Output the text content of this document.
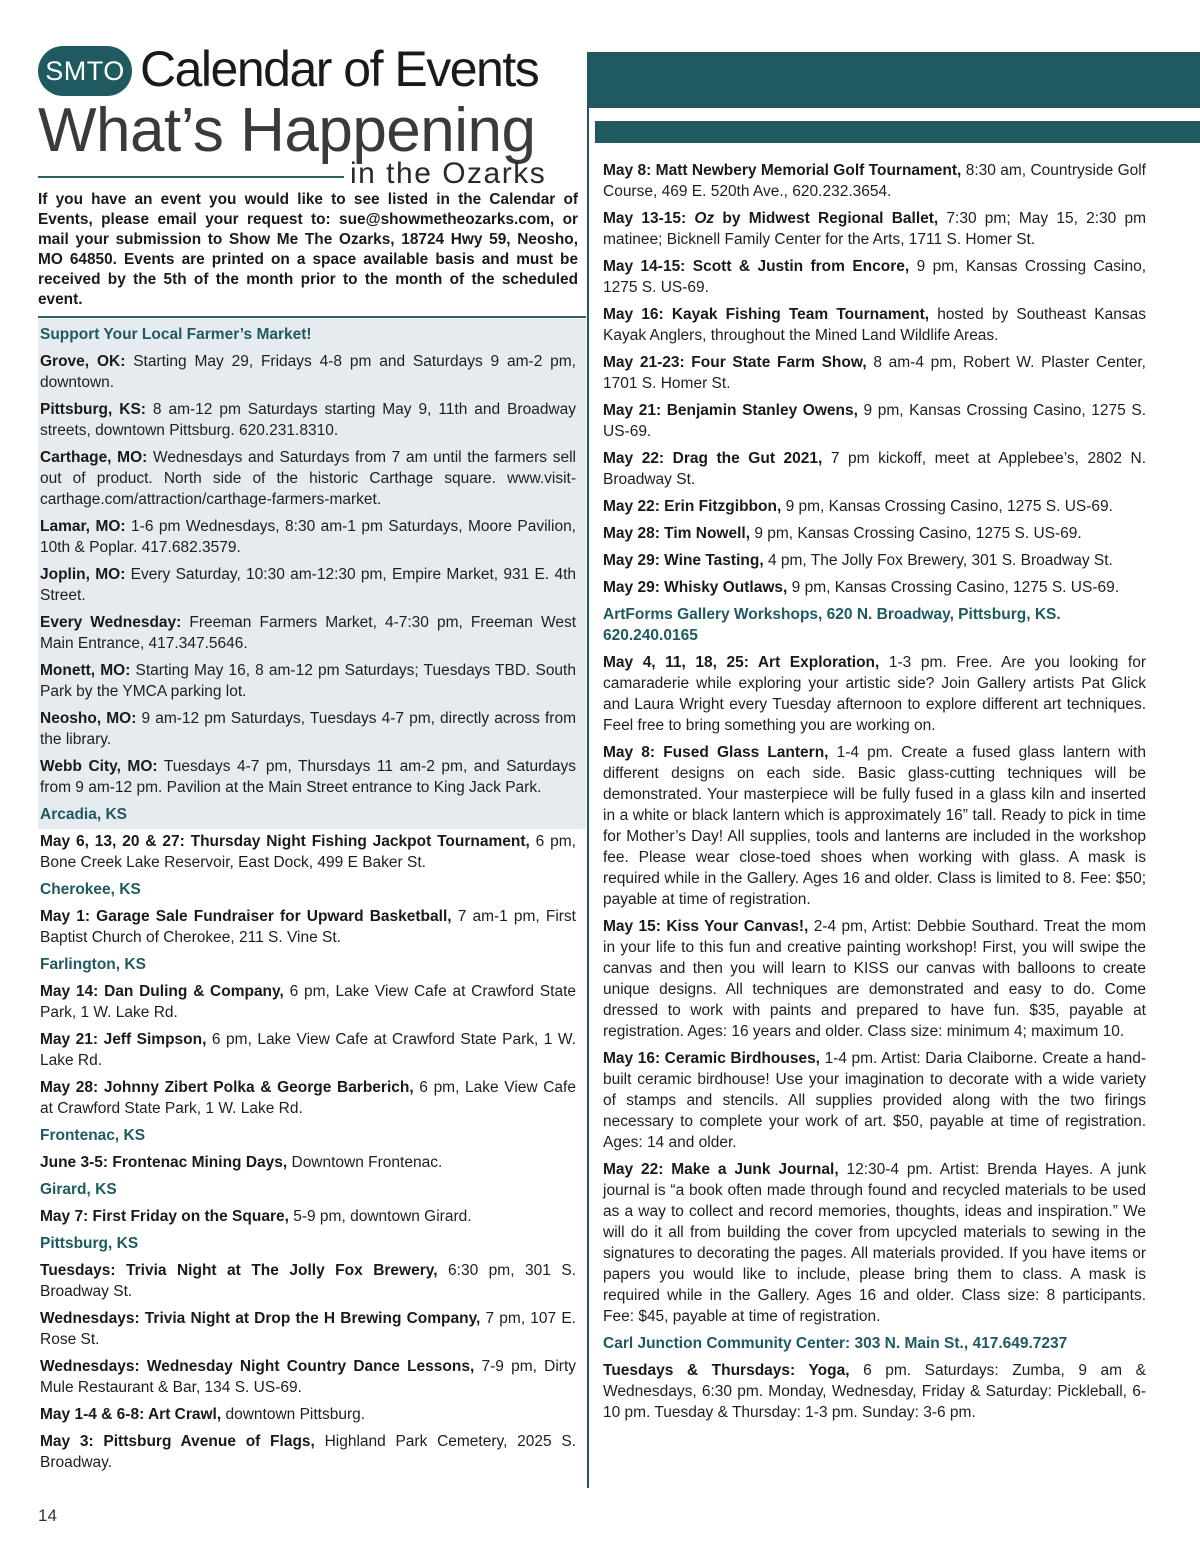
SMTO Calendar of Events
What’s Happening
in the Ozarks
If you have an event you would like to see listed in the Calendar of Events, please email your request to: sue@showmetheozarks.com, or mail your submission to Show Me The Ozarks, 18724 Hwy 59, Neosho, MO 64850. Events are printed on a space available basis and must be received by the 5th of the month prior to the month of the scheduled event.
Support Your Local Farmer’s Market!
Grove, OK: Starting May 29, Fridays 4-8 pm and Saturdays 9 am-2 pm, downtown.
Pittsburg, KS: 8 am-12 pm Saturdays starting May 9, 11th and Broadway streets, downtown Pittsburg. 620.231.8310.
Carthage, MO: Wednesdays and Saturdays from 7 am until the farmers sell out of product. North side of the historic Carthage square. www.visit-carthage.com/attraction/carthage-farmers-market.
Lamar, MO: 1-6 pm Wednesdays, 8:30 am-1 pm Saturdays, Moore Pavilion, 10th & Poplar. 417.682.3579.
Joplin, MO: Every Saturday, 10:30 am-12:30 pm, Empire Market, 931 E. 4th Street.
Every Wednesday: Freeman Farmers Market, 4-7:30 pm, Freeman West Main Entrance, 417.347.5646.
Monett, MO: Starting May 16, 8 am-12 pm Saturdays; Tuesdays TBD. South Park by the YMCA parking lot.
Neosho, MO: 9 am-12 pm Saturdays, Tuesdays 4-7 pm, directly across from the library.
Webb City, MO: Tuesdays 4-7 pm, Thursdays 11 am-2 pm, and Saturdays from 9 am-12 pm. Pavilion at the Main Street entrance to King Jack Park.
Arcadia, KS
May 6, 13, 20 & 27: Thursday Night Fishing Jackpot Tournament, 6 pm, Bone Creek Lake Reservoir, East Dock, 499 E Baker St.
Cherokee, KS
May 1: Garage Sale Fundraiser for Upward Basketball, 7 am-1 pm, First Baptist Church of Cherokee, 211 S. Vine St.
Farlington, KS
May 14: Dan Duling & Company, 6 pm, Lake View Cafe at Crawford State Park, 1 W. Lake Rd.
May 21: Jeff Simpson, 6 pm, Lake View Cafe at Crawford State Park, 1 W. Lake Rd.
May 28: Johnny Zibert Polka & George Barberich, 6 pm, Lake View Cafe at Crawford State Park, 1 W. Lake Rd.
Frontenac, KS
June 3-5: Frontenac Mining Days, Downtown Frontenac.
Girard, KS
May 7: First Friday on the Square, 5-9 pm, downtown Girard.
Pittsburg, KS
Tuesdays: Trivia Night at The Jolly Fox Brewery, 6:30 pm, 301 S. Broadway St.
Wednesdays: Trivia Night at Drop the H Brewing Company, 7 pm, 107 E. Rose St.
Wednesdays: Wednesday Night Country Dance Lessons, 7-9 pm, Dirty Mule Restaurant & Bar, 134 S. US-69.
May 1-4 & 6-8: Art Crawl, downtown Pittsburg.
May 3: Pittsburg Avenue of Flags, Highland Park Cemetery, 2025 S. Broadway.
May 8: Matt Newbery Memorial Golf Tournament, 8:30 am, Countryside Golf Course, 469 E. 520th Ave., 620.232.3654.
May 13-15: Oz by Midwest Regional Ballet, 7:30 pm; May 15, 2:30 pm matinee; Bicknell Family Center for the Arts, 1711 S. Homer St.
May 14-15: Scott & Justin from Encore, 9 pm, Kansas Crossing Casino, 1275 S. US-69.
May 16: Kayak Fishing Team Tournament, hosted by Southeast Kansas Kayak Anglers, throughout the Mined Land Wildlife Areas.
May 21-23: Four State Farm Show, 8 am-4 pm, Robert W. Plaster Center, 1701 S. Homer St.
May 21: Benjamin Stanley Owens, 9 pm, Kansas Crossing Casino, 1275 S. US-69.
May 22: Drag the Gut 2021, 7 pm kickoff, meet at Applebee’s, 2802 N. Broadway St.
May 22: Erin Fitzgibbon, 9 pm, Kansas Crossing Casino, 1275 S. US-69.
May 28: Tim Nowell, 9 pm, Kansas Crossing Casino, 1275 S. US-69.
May 29: Wine Tasting, 4 pm, The Jolly Fox Brewery, 301 S. Broadway St.
May 29: Whisky Outlaws, 9 pm, Kansas Crossing Casino, 1275 S. US-69.
ArtForms Gallery Workshops, 620 N. Broadway, Pittsburg, KS. 620.240.0165
May 4, 11, 18, 25: Art Exploration, 1-3 pm. Free. Are you looking for camaraderie while exploring your artistic side? Join Gallery artists Pat Glick and Laura Wright every Tuesday afternoon to explore different art techniques. Feel free to bring something you are working on.
May 8: Fused Glass Lantern, 1-4 pm. Create a fused glass lantern with different designs on each side. Basic glass-cutting techniques will be demonstrated. Your masterpiece will be fully fused in a glass kiln and inserted in a white or black lantern which is approximately 16” tall. Ready to pick in time for Mother’s Day! All supplies, tools and lanterns are included in the workshop fee. Please wear close-toed shoes when working with glass. A mask is required while in the Gallery. Ages 16 and older. Class is limited to 8. Fee: $50; payable at time of registration.
May 15: Kiss Your Canvas!, 2-4 pm, Artist: Debbie Southard. Treat the mom in your life to this fun and creative painting workshop! First, you will swipe the canvas and then you will learn to KISS our canvas with balloons to create unique designs. All techniques are demonstrated and easy to do. Come dressed to work with paints and prepared to have fun. $35, payable at registration. Ages: 16 years and older. Class size: minimum 4; maximum 10.
May 16: Ceramic Birdhouses, 1-4 pm. Artist: Daria Claiborne. Create a hand-built ceramic birdhouse! Use your imagination to decorate with a wide variety of stamps and stencils. All supplies provided along with the two firings necessary to complete your work of art. $50, payable at time of registration. Ages: 14 and older.
May 22: Make a Junk Journal, 12:30-4 pm. Artist: Brenda Hayes. A junk journal is “a book often made through found and recycled materials to be used as a way to collect and record memories, thoughts, ideas and inspiration.” We will do it all from building the cover from upcycled materials to sewing in the signatures to decorating the pages. All materials provided. If you have items or papers you would like to include, please bring them to class. A mask is required while in the Gallery. Ages 16 and older. Class size: 8 participants. Fee: $45, payable at time of registration.
Carl Junction Community Center: 303 N. Main St., 417.649.7237
Tuesdays & Thursdays: Yoga, 6 pm. Saturdays: Zumba, 9 am & Wednesdays, 6:30 pm. Monday, Wednesday, Friday & Saturday: Pickleball, 6-10 pm. Tuesday & Thursday: 1-3 pm. Sunday: 3-6 pm.
14
